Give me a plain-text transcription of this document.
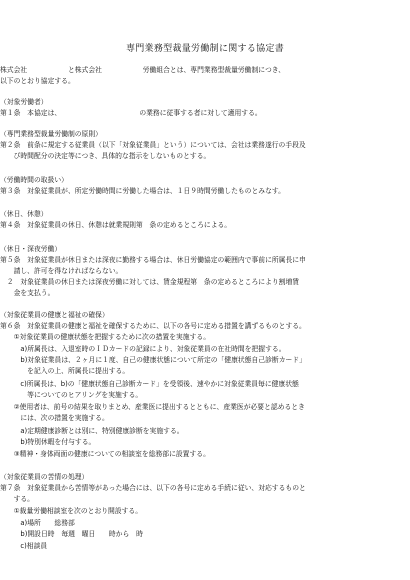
専門業務型裁量労働制に関する協定書
株式会社　　　　　　と株式会社　　　　　　労働組合とは、専門業務型裁量労働制につき、
以下のとおり協定する。
（対象労働者）
第１条　本協定は、　　　　　　　　　　　　の業務に従事する者に対して適用する。
（専門業務型裁量労働制の原則）
第２条　前条に規定する従業員（以下「対象従業員」という）については、会社は業務遂行の手段及
　　び時間配分の決定等につき、具体的な指示をしないものとする。
（労働時間の取扱い）
第３条　対象従業員が、所定労働時間に労働した場合は、１日９時間労働したものとみなす。
（休日、休憩）
第４条　対象従業員の休日、休憩は就業規則第　条の定めるところによる。
（休日・深夜労働）
第５条　対象従業員が休日または深夜に勤務する場合は、休日労働協定の範囲内で事前に所属長に申
　　請し、許可を得なければならない。
　２　対象従業員の休日または深夜労働に対しては、賃金規程第　条の定めるところにより割増賃
　　金を支払う。
（対象従業員の健康と福祉の確保）
第６条　対象従業員の健康と福祉を確保するために、以下の各号に定める措置を講ずるものとする。
　　①対象従業員の健康状態を把握するために次の措置を実施する。
　　　a)所属長は、入退室時のＩＤカードの記録により、対象従業員の在社時間を把握する。
　　　b)対象従業員は、２ヶ月に１度、自己の健康状態について所定の「健康状態自己診断カード」
　　　　を記入の上、所属長に提出する。
　　　c)所属長は、b)の「健康状態自己診断カード」を受領後、速やかに対象従業員毎に健康状態
　　　　等についてのヒアリングを実施する。
　　②使用者は、前号の結果を取りまとめ、産業医に提出するとともに、産業医が必要と認めるとき
　　　には、次の措置を実施する。
　　　a)定期健康診断とは別に、特別健康診断を実施する。
　　　b)特別休暇を付与する。
　　③精神・身体両面の健康についての相談室を総務部に設置する。
（対象従業員の苦情の処理）
第７条　対象従業員から苦情等があった場合には、以下の各号に定める手続に従い、対応するものと
　　する。
　　①裁量労働相談室を次のとおり開設する。
　　　a)場所　　総務部
　　　b)開設日時　毎週　曜日　　時から　時
　　　c)相談員
